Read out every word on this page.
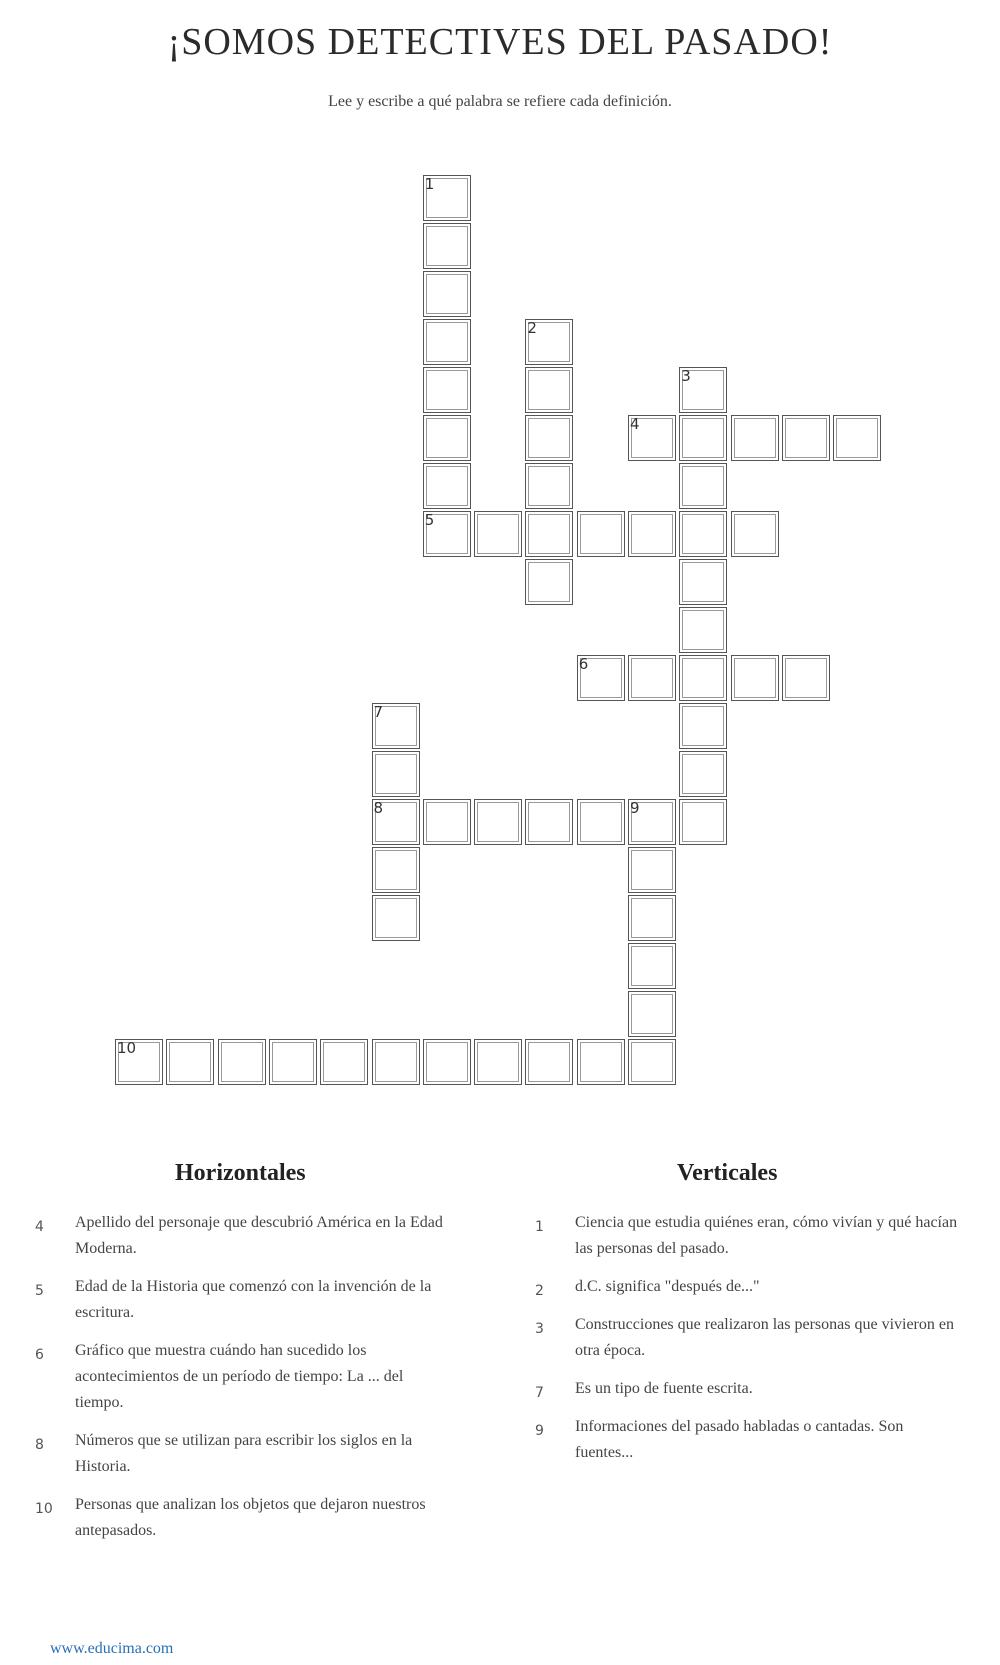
¡SOMOS DETECTIVES DEL PASADO!
Lee y escribe a qué palabra se refiere cada definición.
1
5
2
3
4
6
7
8	9
10
Horizontales
4 Apellido del personaje que descubrió América en la Edad Moderna.
5 Edad de la Historia que comenzó con la invención de la escritura.
6 Gráfico que muestra cuándo han sucedido los acontecimientos de un período de tiempo: La ... del tiempo.
8 Números que se utilizan para escribir los siglos en la Historia.
10 Personas que analizan los objetos que dejaron nuestros antepasados.
Verticales
1 Ciencia que estudia quiénes eran, cómo vivían y qué hacían las personas del pasado.
2 d.C. significa "después de..."
3 Construcciones que realizaron las personas que vivieron en otra época.
7 Es un tipo de fuente escrita.
9 Informaciones del pasado habladas o cantadas. Son fuentes...
www.educima.com
